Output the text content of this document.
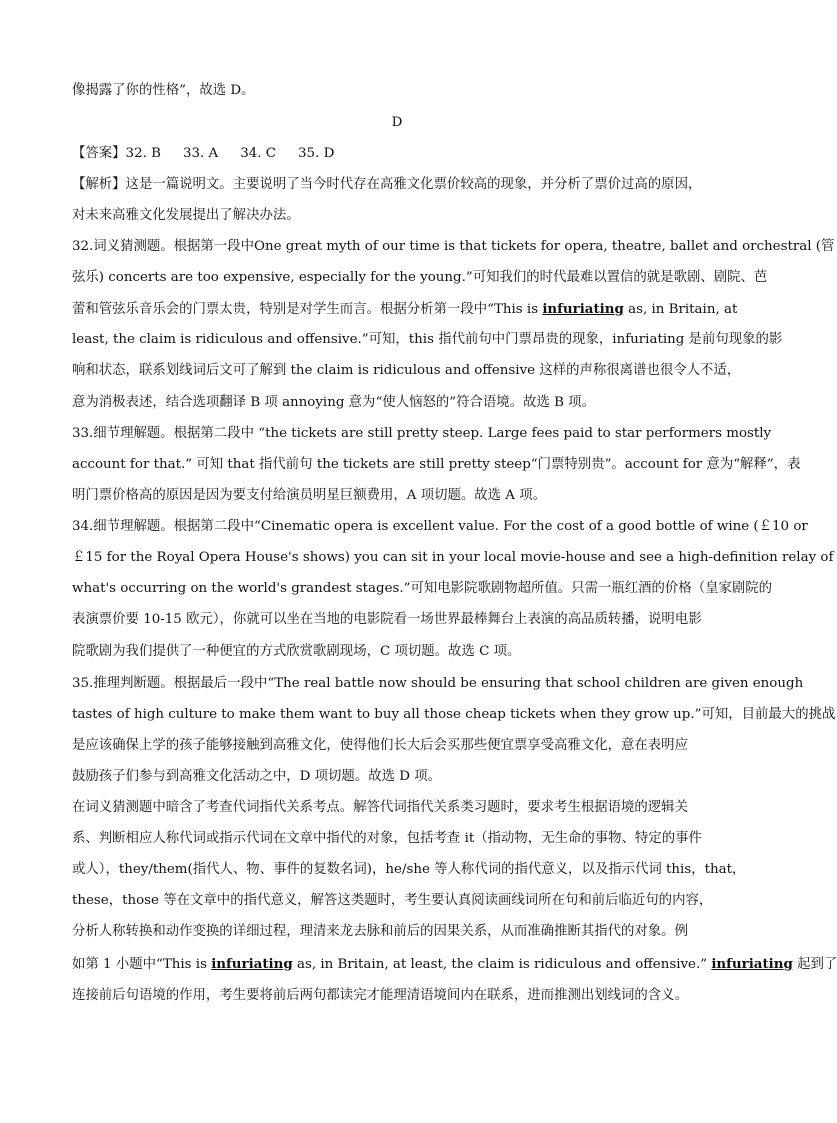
像揭露了你的性格”，故选 D。
D
【答案】32. B 33. A 34. C 35. D
【解析】这是一篇说明文。主要说明了当今时代存在高雅文化票价较高的现象，并分析了票价过高的原因，
对未来高雅文化发展提出了解决办法。
32.词义猜测题。根据第一段中One great myth of our time is that tickets for opera, theatre, ballet and orchestral (管
弦乐) concerts are too expensive, especially for the young.”可知我们的时代最难以置信的就是歌剧、剧院、芭
蕾和管弦乐音乐会的门票太贵，特别是对学生而言。根据分析第一段中“This is infuriating as, in Britain, at
least, the claim is ridiculous and offensive.”可知，this 指代前句中门票昂贵的现象，infuriating 是前句现象的影
响和状态，联系划线词后文可了解到 the claim is ridiculous and offensive 这样的声称很离谱也很令人不适，
意为消极表述，结合选项翻译 B 项 annoying 意为“使人恼怒的”符合语境。故选 B 项。
33.细节理解题。根据第二段中 “the tickets are still pretty steep. Large fees paid to star performers mostly
account for that.” 可知 that 指代前句 the tickets are still pretty steep“门票特别贵”。account for 意为“解释”，表
明门票价格高的原因是因为要支付给演员明星巨额费用，A 项切题。故选 A 项。
34.细节理解题。根据第二段中“Cinematic opera is excellent value. For the cost of a good bottle of wine (￡10 or
￡15 for the Royal Opera House's shows) you can sit in your local movie-house and see a high-definition relay of
what's occurring on the world's grandest stages.”可知电影院歌剧物超所值。只需一瓶红酒的价格（皇家剧院的
表演票价要 10-15 欧元），你就可以坐在当地的电影院看一场世界最棒舞台上表演的高品质转播，说明电影
院歌剧为我们提供了一种便宜的方式欣赏歌剧现场，C 项切题。故选 C 项。
35.推理判断题。根据最后一段中“The real battle now should be ensuring that school children are given enough
tastes of high culture to make them want to buy all those cheap tickets when they grow up.”可知，目前最大的挑战
是应该确保上学的孩子能够接触到高雅文化，使得他们长大后会买那些便宜票享受高雅文化，意在表明应
鼓励孩子们参与到高雅文化活动之中，D 项切题。故选 D 项。
在词义猜测题中暗含了考查代词指代关系考点。解答代词指代关系类习题时，要求考生根据语境的逻辑关
系、判断相应人称代词或指示代词在文章中指代的对象，包括考查 it（指动物，无生命的事物、特定的事件
或人），they/them(指代人、物、事件的复数名词)，he/she 等人称代词的指代意义，以及指示代词 this，that，
these，those 等在文章中的指代意义，解答这类题时，考生要认真阅读画线词所在句和前后临近句的内容，
分析人称转换和动作变换的详细过程，理清来龙去脉和前后的因果关系，从而准确推断其指代的对象。例
如第 1 小题中“This is infuriating as, in Britain, at least, the claim is ridiculous and offensive.” infuriating 起到了
连接前后句语境的作用，考生要将前后两句都读完才能理清语境间内在联系，进而推测出划线词的含义。
